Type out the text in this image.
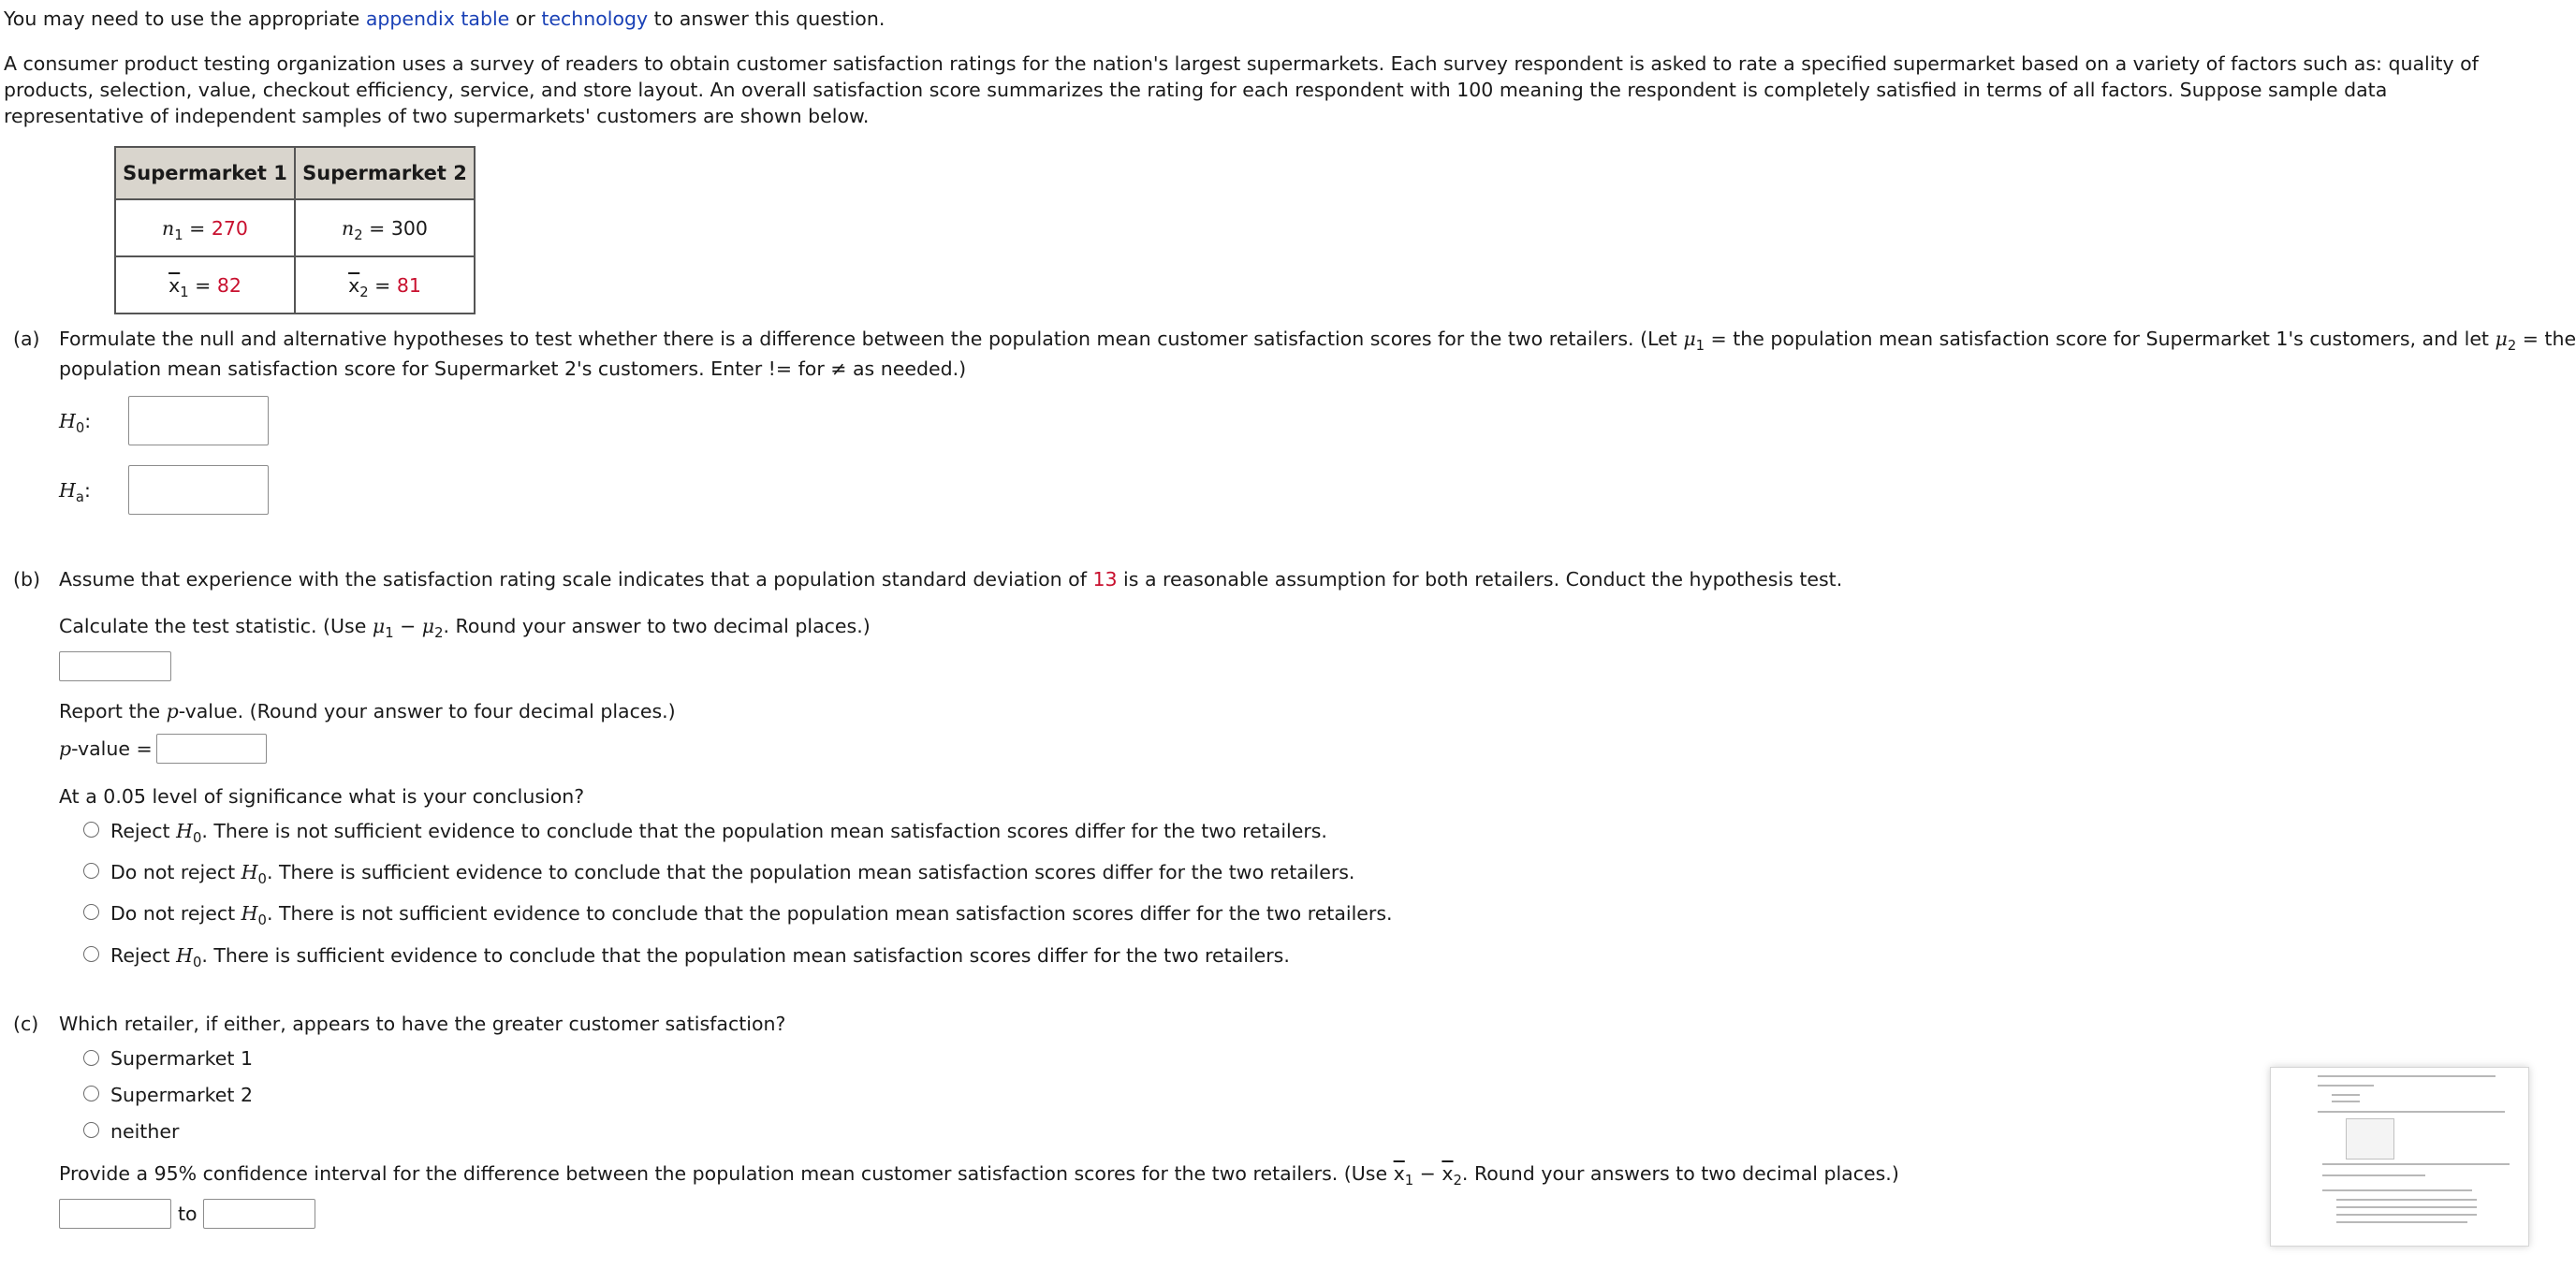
You may need to use the appropriate appendix table or technology to answer this question.
A consumer product testing organization uses a survey of readers to obtain customer satisfaction ratings for the nation's largest supermarkets. Each survey respondent is asked to rate a specified supermarket based on a variety of factors such as: quality of products, selection, value, checkout efficiency, service, and store layout. An overall satisfaction score summarizes the rating for each respondent with 100 meaning the respondent is completely satisfied in terms of all factors. Suppose sample data representative of independent samples of two supermarkets' customers are shown below.
Supermarket 1	Supermarket 2
$n_1 = 270$	$n_2 = 300$
$\overline{x}_1 = 82$	$\overline{x}_2 = 81$
(a) Formulate the null and alternative hypotheses to test whether there is a difference between the population mean customer satisfaction scores for the two retailers. (Let $\mu_1$ = the population mean satisfaction score for Supermarket 1's customers, and let $\mu_2$ = the
population mean satisfaction score for Supermarket 2's customers. Enter != for ≠ as needed.)
$H_0$:
$H_a$:
(b) Assume that experience with the satisfaction rating scale indicates that a population standard deviation of 13 is a reasonable assumption for both retailers. Conduct the hypothesis test.
Calculate the test statistic. (Use $\mu_1 - \mu_2$. Round your answer to two decimal places.)
Report the p-value. (Round your answer to four decimal places.)
p-value =
At a 0.05 level of significance what is your conclusion?
Reject $H_0$. There is not sufficient evidence to conclude that the population mean satisfaction scores differ for the two retailers.
Do not reject $H_0$. There is sufficient evidence to conclude that the population mean satisfaction scores differ for the two retailers.
Do not reject $H_0$. There is not sufficient evidence to conclude that the population mean satisfaction scores differ for the two retailers.
Reject $H_0$. There is sufficient evidence to conclude that the population mean satisfaction scores differ for the two retailers.
(c) Which retailer, if either, appears to have the greater customer satisfaction?
Supermarket 1
Supermarket 2
neither
Provide a 95% confidence interval for the difference between the population mean customer satisfaction scores for the two retailers. (Use $\overline{x}_1 - \overline{x}_2$. Round your answers to two decimal places.)
to
